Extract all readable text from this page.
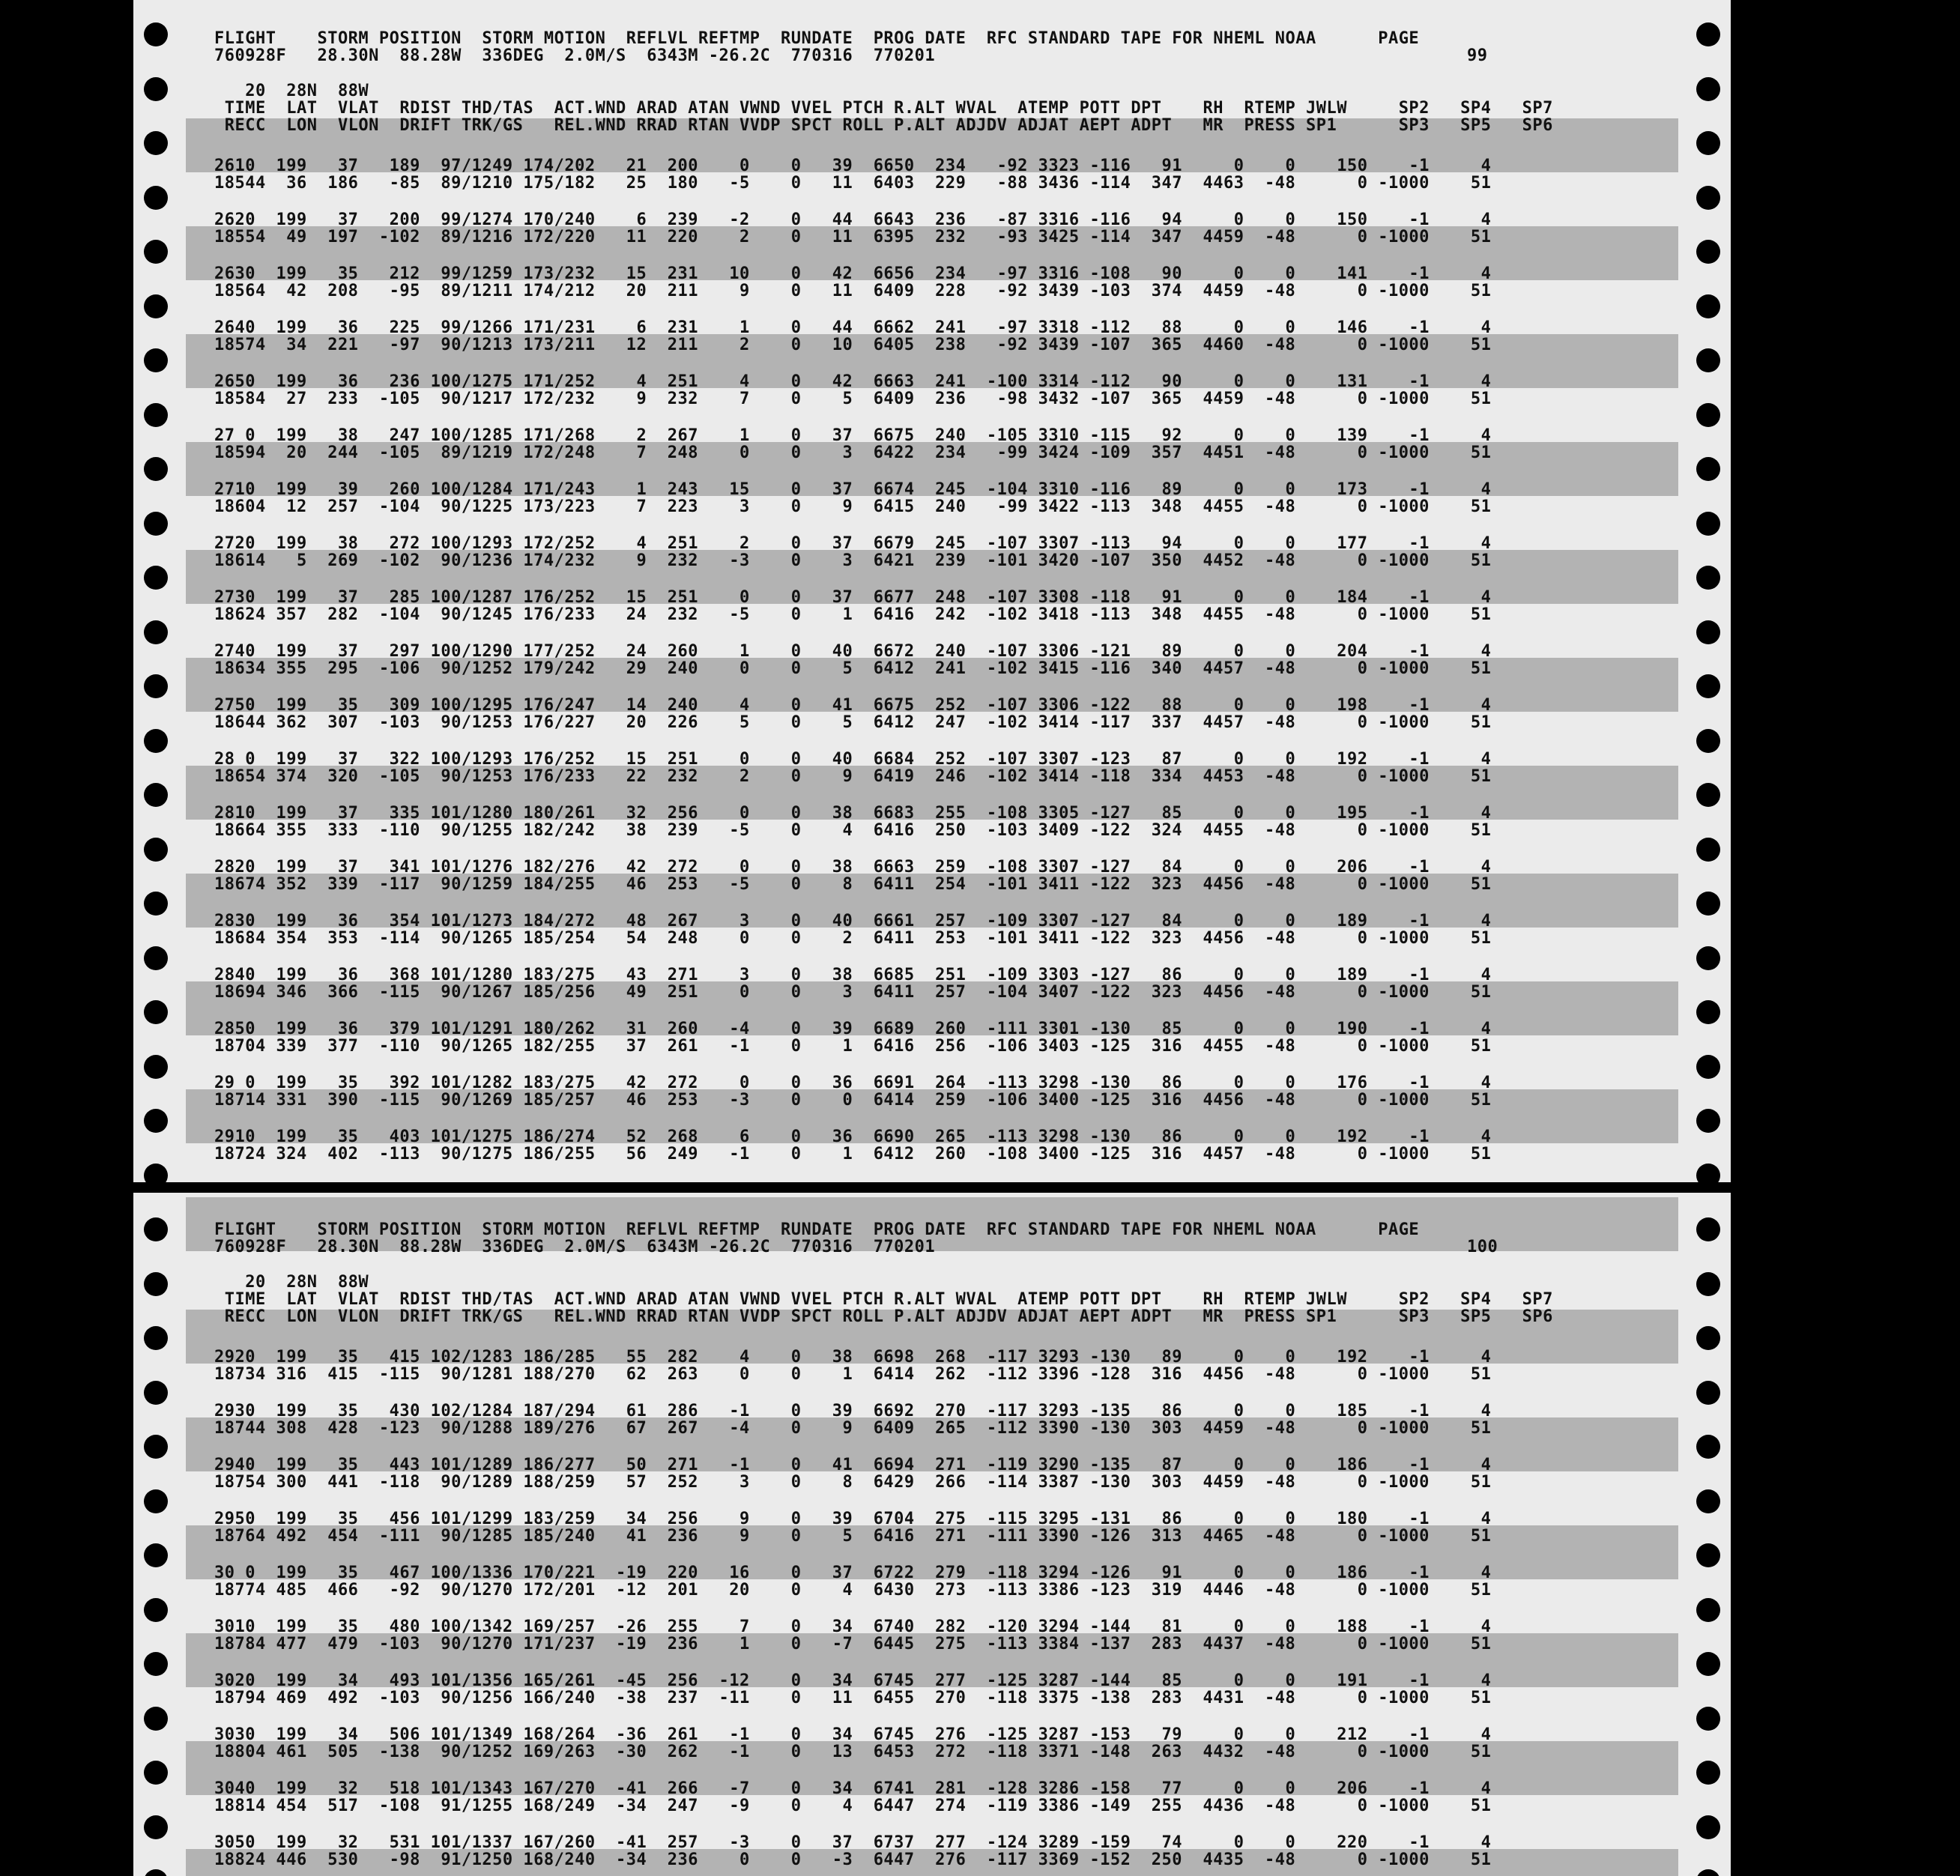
FLIGHT    STORM POSITION  STORM MOTION  REFLVL REFTMP  RUNDATE  PROG DATE  RFC STANDARD TAPE FOR NHEML NOAA      PAGE
760928F   28.30N  88.28W  336DEG  2.0M/S  6343M -26.2C  770316  770201	99
20  28N  88W
TIME  LAT  VLAT  RDIST THD/TAS  ACT.WND ARAD ATAN VWND VVEL PTCH R.ALT WVAL  ATEMP POTT DPT    RH  RTEMP JWLW     SP2   SP4   SP7
RECC  LON  VLON  DRIFT TRK/GS   REL.WND RRAD RTAN VVDP SPCT ROLL P.ALT ADJDV ADJAT AEPT ADPT   MR  PRESS SP1      SP3   SP5   SP6
2610  199   37   189  97/1249 174/202   21  200    0    0   39  6650  234   -92 3323 -116   91     0    0    150    -1     4
18544  36  186   -85  89/1210 175/182   25  180   -5    0   11  6403  229   -88 3436 -114  347  4463  -48      0 -1000    51
2620  199   37   200  99/1274 170/240    6  239   -2    0   44  6643  236   -87 3316 -116   94     0    0    150    -1     4
18554  49  197  -102  89/1216 172/220   11  220    2    0   11  6395  232   -93 3425 -114  347  4459  -48      0 -1000    51
2630  199   35   212  99/1259 173/232   15  231   10    0   42  6656  234   -97 3316 -108   90     0    0    141    -1     4
18564  42  208   -95  89/1211 174/212   20  211    9    0   11  6409  228   -92 3439 -103  374  4459  -48      0 -1000    51
2640  199   36   225  99/1266 171/231    6  231    1    0   44  6662  241   -97 3318 -112   88     0    0    146    -1     4
18574  34  221   -97  90/1213 173/211   12  211    2    0   10  6405  238   -92 3439 -107  365  4460  -48      0 -1000    51
2650  199   36   236 100/1275 171/252    4  251    4    0   42  6663  241  -100 3314 -112   90     0    0    131    -1     4
18584  27  233  -105  90/1217 172/232    9  232    7    0    5  6409  236   -98 3432 -107  365  4459  -48      0 -1000    51
27 0  199   38   247 100/1285 171/268    2  267    1    0   37  6675  240  -105 3310 -115   92     0    0    139    -1     4
18594  20  244  -105  89/1219 172/248    7  248    0    0    3  6422  234   -99 3424 -109  357  4451  -48      0 -1000    51
2710  199   39   260 100/1284 171/243    1  243   15    0   37  6674  245  -104 3310 -116   89     0    0    173    -1     4
18604  12  257  -104  90/1225 173/223    7  223    3    0    9  6415  240   -99 3422 -113  348  4455  -48      0 -1000    51
2720  199   38   272 100/1293 172/252    4  251    2    0   37  6679  245  -107 3307 -113   94     0    0    177    -1     4
18614   5  269  -102  90/1236 174/232    9  232   -3    0    3  6421  239  -101 3420 -107  350  4452  -48      0 -1000    51
2730  199   37   285 100/1287 176/252   15  251    0    0   37  6677  248  -107 3308 -118   91     0    0    184    -1     4
18624 357  282  -104  90/1245 176/233   24  232   -5    0    1  6416  242  -102 3418 -113  348  4455  -48      0 -1000    51
2740  199   37   297 100/1290 177/252   24  260    1    0   40  6672  240  -107 3306 -121   89     0    0    204    -1     4
18634 355  295  -106  90/1252 179/242   29  240    0    0    5  6412  241  -102 3415 -116  340  4457  -48      0 -1000    51
2750  199   35   309 100/1295 176/247   14  240    4    0   41  6675  252  -107 3306 -122   88     0    0    198    -1     4
18644 362  307  -103  90/1253 176/227   20  226    5    0    5  6412  247  -102 3414 -117  337  4457  -48      0 -1000    51
28 0  199   37   322 100/1293 176/252   15  251    0    0   40  6684  252  -107 3307 -123   87     0    0    192    -1     4
18654 374  320  -105  90/1253 176/233   22  232    2    0    9  6419  246  -102 3414 -118  334  4453  -48      0 -1000    51
2810  199   37   335 101/1280 180/261   32  256    0    0   38  6683  255  -108 3305 -127   85     0    0    195    -1     4
18664 355  333  -110  90/1255 182/242   38  239   -5    0    4  6416  250  -103 3409 -122  324  4455  -48      0 -1000    51
2820  199   37   341 101/1276 182/276   42  272    0    0   38  6663  259  -108 3307 -127   84     0    0    206    -1     4
18674 352  339  -117  90/1259 184/255   46  253   -5    0    8  6411  254  -101 3411 -122  323  4456  -48      0 -1000    51
2830  199   36   354 101/1273 184/272   48  267    3    0   40  6661  257  -109 3307 -127   84     0    0    189    -1     4
18684 354  353  -114  90/1265 185/254   54  248    0    0    2  6411  253  -101 3411 -122  323  4456  -48      0 -1000    51
2840  199   36   368 101/1280 183/275   43  271    3    0   38  6685  251  -109 3303 -127   86     0    0    189    -1     4
18694 346  366  -115  90/1267 185/256   49  251    0    0    3  6411  257  -104 3407 -122  323  4456  -48      0 -1000    51
2850  199   36   379 101/1291 180/262   31  260   -4    0   39  6689  260  -111 3301 -130   85     0    0    190    -1     4
18704 339  377  -110  90/1265 182/255   37  261   -1    0    1  6416  256  -106 3403 -125  316  4455  -48      0 -1000    51
29 0  199   35   392 101/1282 183/275   42  272    0    0   36  6691  264  -113 3298 -130   86     0    0    176    -1     4
18714 331  390  -115  90/1269 185/257   46  253   -3    0    0  6414  259  -106 3400 -125  316  4456  -48      0 -1000    51
2910  199   35   403 101/1275 186/274   52  268    6    0   36  6690  265  -113 3298 -130   86     0    0    192    -1     4
18724 324  402  -113  90/1275 186/255   56  249   -1    0    1  6412  260  -108 3400 -125  316  4457  -48      0 -1000    51
FLIGHT    STORM POSITION  STORM MOTION  REFLVL REFTMP  RUNDATE  PROG DATE  RFC STANDARD TAPE FOR NHEML NOAA      PAGE
760928F   28.30N  88.28W  336DEG  2.0M/S  6343M -26.2C  770316  770201	100
20  28N  88W
TIME  LAT  VLAT  RDIST THD/TAS  ACT.WND ARAD ATAN VWND VVEL PTCH R.ALT WVAL  ATEMP POTT DPT    RH  RTEMP JWLW     SP2   SP4   SP7
RECC  LON  VLON  DRIFT TRK/GS   REL.WND RRAD RTAN VVDP SPCT ROLL P.ALT ADJDV ADJAT AEPT ADPT   MR  PRESS SP1      SP3   SP5   SP6
2920  199   35   415 102/1283 186/285   55  282    4    0   38  6698  268  -117 3293 -130   89     0    0    192    -1     4
18734 316  415  -115  90/1281 188/270   62  263    0    0    1  6414  262  -112 3396 -128  316  4456  -48      0 -1000    51
2930  199   35   430 102/1284 187/294   61  286   -1    0   39  6692  270  -117 3293 -135   86     0    0    185    -1     4
18744 308  428  -123  90/1288 189/276   67  267   -4    0    9  6409  265  -112 3390 -130  303  4459  -48      0 -1000    51
2940  199   35   443 101/1289 186/277   50  271   -1    0   41  6694  271  -119 3290 -135   87     0    0    186    -1     4
18754 300  441  -118  90/1289 188/259   57  252    3    0    8  6429  266  -114 3387 -130  303  4459  -48      0 -1000    51
2950  199   35   456 101/1299 183/259   34  256    9    0   39  6704  275  -115 3295 -131   86     0    0    180    -1     4
18764 492  454  -111  90/1285 185/240   41  236    9    0    5  6416  271  -111 3390 -126  313  4465  -48      0 -1000    51
30 0  199   35   467 100/1336 170/221  -19  220   16    0   37  6722  279  -118 3294 -126   91     0    0    186    -1     4
18774 485  466   -92  90/1270 172/201  -12  201   20    0    4  6430  273  -113 3386 -123  319  4446  -48      0 -1000    51
3010  199   35   480 100/1342 169/257  -26  255    7    0   34  6740  282  -120 3294 -144   81     0    0    188    -1     4
18784 477  479  -103  90/1270 171/237  -19  236    1    0   -7  6445  275  -113 3384 -137  283  4437  -48      0 -1000    51
3020  199   34   493 101/1356 165/261  -45  256  -12    0   34  6745  277  -125 3287 -144   85     0    0    191    -1     4
18794 469  492  -103  90/1256 166/240  -38  237  -11    0   11  6455  270  -118 3375 -138  283  4431  -48      0 -1000    51
3030  199   34   506 101/1349 168/264  -36  261   -1    0   34  6745  276  -125 3287 -153   79     0    0    212    -1     4
18804 461  505  -138  90/1252 169/263  -30  262   -1    0   13  6453  272  -118 3371 -148  263  4432  -48      0 -1000    51
3040  199   32   518 101/1343 167/270  -41  266   -7    0   34  6741  281  -128 3286 -158   77     0    0    206    -1     4
18814 454  517  -108  91/1255 168/249  -34  247   -9    0    4  6447  274  -119 3386 -149  255  4436  -48      0 -1000    51
3050  199   32   531 101/1337 167/260  -41  257   -3    0   37  6737  277  -124 3289 -159   74     0    0    220    -1     4
18824 446  530   -98  91/1250 168/240  -34  236    0    0   -3  6447  276  -117 3369 -152  250  4435  -48      0 -1000    51
